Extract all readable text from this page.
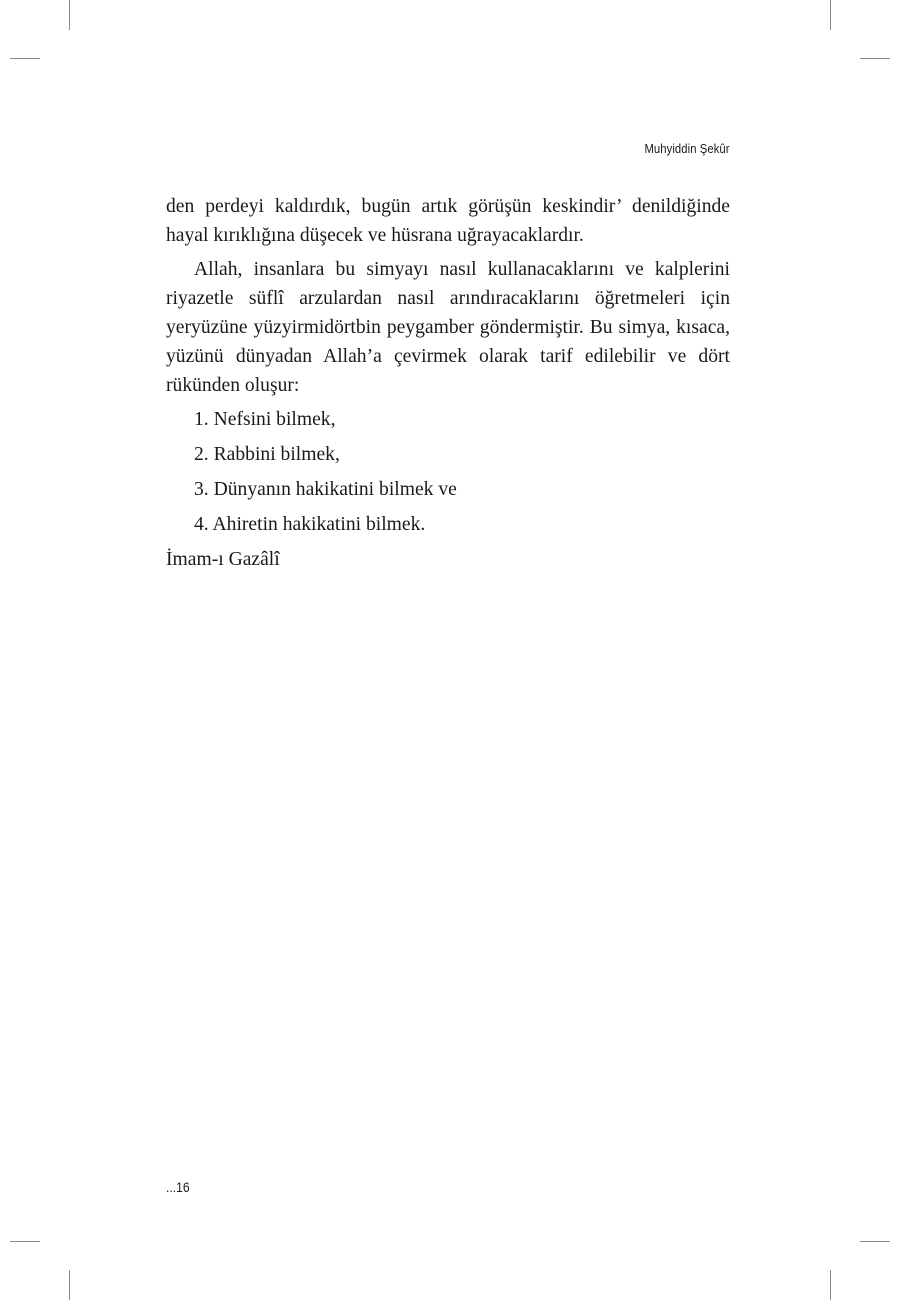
Muhyiddin Şekûr

den perdeyi kaldırdık, bugün artık görüşün keskindir’ denildiğinde hayal kırıklığına düşecek ve hüsrana uğrayacaklardır.

Allah, insanlara bu simyayı nasıl kullanacaklarını ve kalplerini riyazetle süflî arzulardan nasıl arındıracaklarını öğretmeleri için yeryüzüne yüzyirmidörtbin peygamber göndermiştir. Bu simya, kısaca, yüzünü dünyadan Allah’a çevirmek olarak tarif edilebilir ve dört rükünden oluşur:

1. Nefsini bilmek,
2. Rabbini bilmek,
3. Dünyanın hakikatini bilmek ve
4. Ahiretin hakikatini bilmek.

İmam-ı Gazâlî

...16
